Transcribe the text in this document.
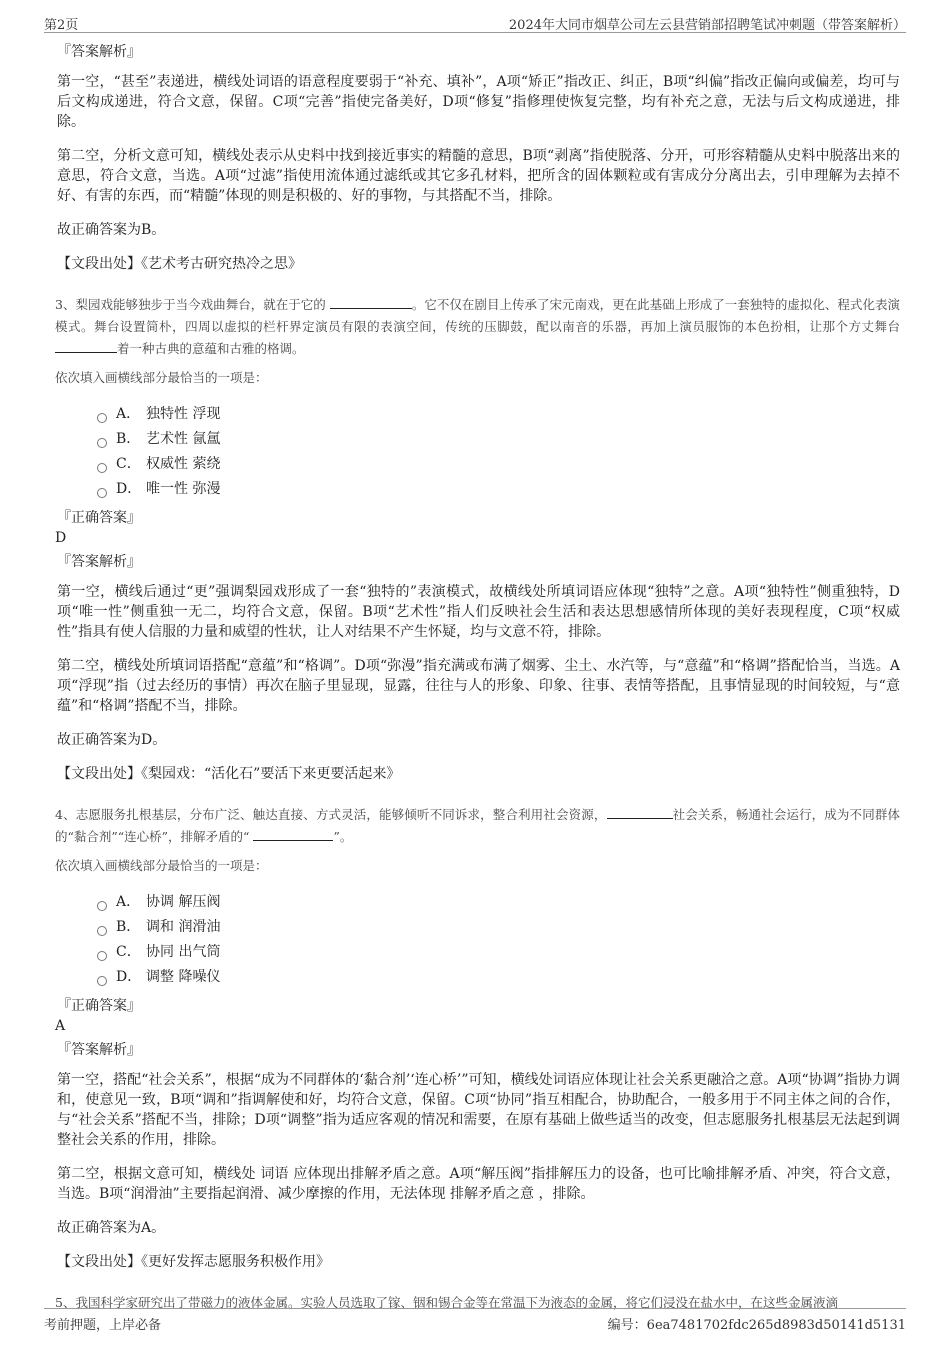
第2页	2024年大同市烟草公司左云县营销部招聘笔试冲刺题（带答案解析）
『答案解析』

第一空，“甚至”表递进，横线处词语的语意程度要弱于“补充、填补”，A项“矫正”指改正、纠正，B项“纠偏”指改正偏向或偏差，均可与后文构成递进，符合文意，保留。C项“完善”指使完备美好，D项“修复”指修理使恢复完整，均有补充之意，无法与后文构成递进，排除。

第二空，分析文意可知，横线处表示从史料中找到接近事实的精髓的意思，B项“剥离”指使脱落、分开，可形容精髓从史料中脱落出来的意思，符合文意，当选。A项“过滤”指使用流体通过滤纸或其它多孔材料，把所含的固体颗粒或有害成分分离出去，引申理解为去掉不好、有害的东西，而“精髓”体现的则是积极的、好的事物，与其搭配不当，排除。

故正确答案为B。

【文段出处】《艺术考古研究热冷之思》
3、梨园戏能够独步于当今戏曲舞台，就在于它的	。它不仅在剧目上传承了宋元南戏，更在此基础上形成了一套独特的虚拟化、程式化表演模式。舞台设置简朴，四周以虚拟的栏杆界定演员有限的表演空间，传统的压脚鼓，配以南音的乐器，再加上演员服饰的本色扮相，让那个方丈舞台 着一种古典的意蕴和古雅的格调。
依次填入画横线部分最恰当的一项是：
A． 独特性 浮现
B． 艺术性 氤氲
C． 权威性 萦绕
D． 唯一性 弥漫
『正确答案』
D
『答案解析』

第一空，横线后通过“更”强调梨园戏形成了一套“独特的”表演模式，故横线处所填词语应体现“独特”之意。A项“独特性”侧重独特，D项“唯一性”侧重独一无二，均符合文意，保留。B项“艺术性”指人们反映社会生活和表达思想感情所体现的美好表现程度，C项“权威性”指具有使人信服的力量和威望的性状，让人对结果不产生怀疑，均与文意不符，排除。

第二空，横线处所填词语搭配“意蕴”和“格调”。D项“弥漫”指充满或布满了烟雾、尘土、水汽等，与“意蕴”和“格调”搭配恰当，当选。A项“浮现”指（过去经历的事情）再次在脑子里显现，显露，往往与人的形象、印象、往事、表情等搭配，且事情显现的时间较短，与“意蕴”和“格调”搭配不当，排除。

故正确答案为D。

【文段出处】《梨园戏：“活化石”要活下来更要活起来》
4、志愿服务扎根基层，分布广泛、触达直接、方式灵活，能够倾听不同诉求，整合利用社会资源，	社会关系，畅通社会运行，成为不同群体的“黏合剂”“连心桥”，排解矛盾的“	”。
依次填入画横线部分最恰当的一项是：
A． 协调 解压阀
B． 调和 润滑油
C． 协同 出气筒
D． 调整 降噪仪
『正确答案』
A
『答案解析』

第一空，搭配“社会关系”，根据“成为不同群体的‘黏合剂’‘连心桥’”可知，横线处词语应体现让社会关系更融洽之意。A项“协调”指协力调和，使意见一致，B项“调和”指调解使和好，均符合文意，保留。C项“协同”指互相配合，协助配合，一般多用于不同主体之间的合作，与“社会关系”搭配不当，排除；D项“调整”指为适应客观的情况和需要，在原有基础上做些适当的改变，但志愿服务扎根基层无法起到调整社会关系的作用，排除。

第二空，根据文意可知，横线处 词语 应体现出排解矛盾之意。A项“解压阀”指排解压力的设备，也可比喻排解矛盾、冲突，符合文意，当选。B项“润滑油”主要指起润滑、减少摩擦的作用，无法体现 排解矛盾之意 ，排除。

故正确答案为A。

【文段出处】《更好发挥志愿服务积极作用》
5、我国科学家研究出了带磁力的液体金属。实验人员选取了镓、铟和锡合金等在常温下为液态的金属，将它们浸没在盐水中，在这些金属液滴
考前押题，上岸必备	编号：6ea7481702fdc265d8983d50141d5131
